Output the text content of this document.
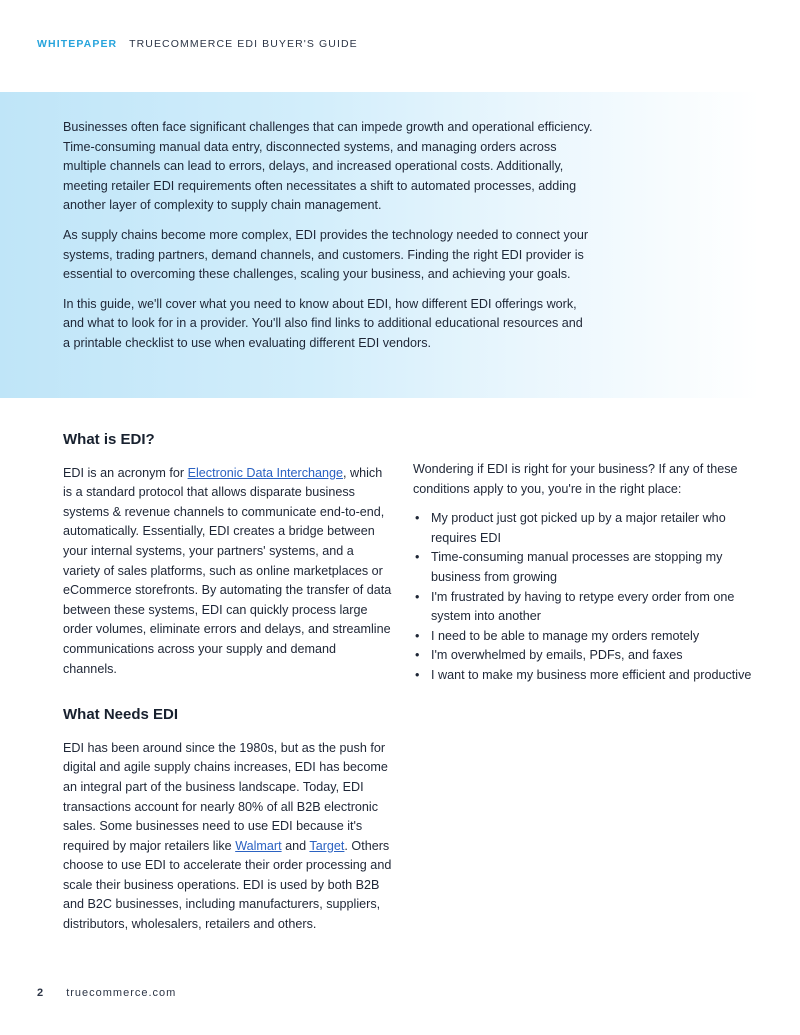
WHITEPAPER TRUECOMMERCE EDI BUYER'S GUIDE

Businesses often face significant challenges that can impede growth and operational efficiency. Time-consuming manual data entry, disconnected systems, and managing orders across multiple channels can lead to errors, delays, and increased operational costs. Additionally, meeting retailer EDI requirements often necessitates a shift to automated processes, adding another layer of complexity to supply chain management.

As supply chains become more complex, EDI provides the technology needed to connect your systems, trading partners, demand channels, and customers. Finding the right EDI provider is essential to overcoming these challenges, scaling your business, and achieving your goals.

In this guide, we'll cover what you need to know about EDI, how different EDI offerings work, and what to look for in a provider. You'll also find links to additional educational resources and a printable checklist to use when evaluating different EDI vendors.

What is EDI?

EDI is an acronym for Electronic Data Interchange, which is a standard protocol that allows disparate business systems & revenue channels to communicate end-to-end, automatically. Essentially, EDI creates a bridge between your internal systems, your partners' systems, and a variety of sales platforms, such as online marketplaces or eCommerce storefronts. By automating the transfer of data between these systems, EDI can quickly process large order volumes, eliminate errors and delays, and streamline communications across your supply and demand channels.

What Needs EDI

EDI has been around since the 1980s, but as the push for digital and agile supply chains increases, EDI has become an integral part of the business landscape. Today, EDI transactions account for nearly 80% of all B2B electronic sales. Some businesses need to use EDI because it's required by major retailers like Walmart and Target. Others choose to use EDI to accelerate their order processing and scale their business operations. EDI is used by both B2B and B2C businesses, including manufacturers, suppliers, distributors, wholesalers, retailers and others.

Wondering if EDI is right for your business? If any of these conditions apply to you, you're in the right place:

• My product just got picked up by a major retailer who requires EDI
• Time-consuming manual processes are stopping my business from growing
• I'm frustrated by having to retype every order from one system into another
• I need to be able to manage my orders remotely
• I'm overwhelmed by emails, PDFs, and faxes
• I want to make my business more efficient and productive
2 truecommerce.com
